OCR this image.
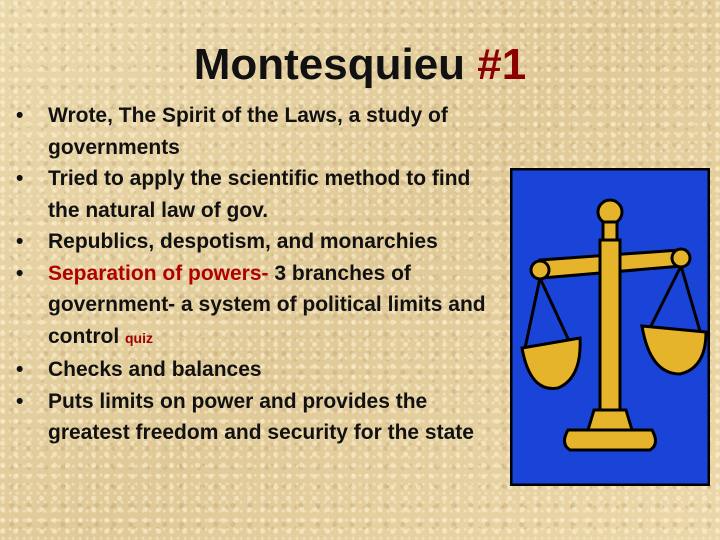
Montesquieu #1
• Wrote, The Spirit of the Laws, a study of governments
• Tried to apply the scientific method to find the natural law of gov.
• Republics, despotism, and monarchies
• Separation of powers- 3 branches of government- a system of political limits and control quiz
• Checks and balances
• Puts limits on power and provides the greatest freedom and security for the state
